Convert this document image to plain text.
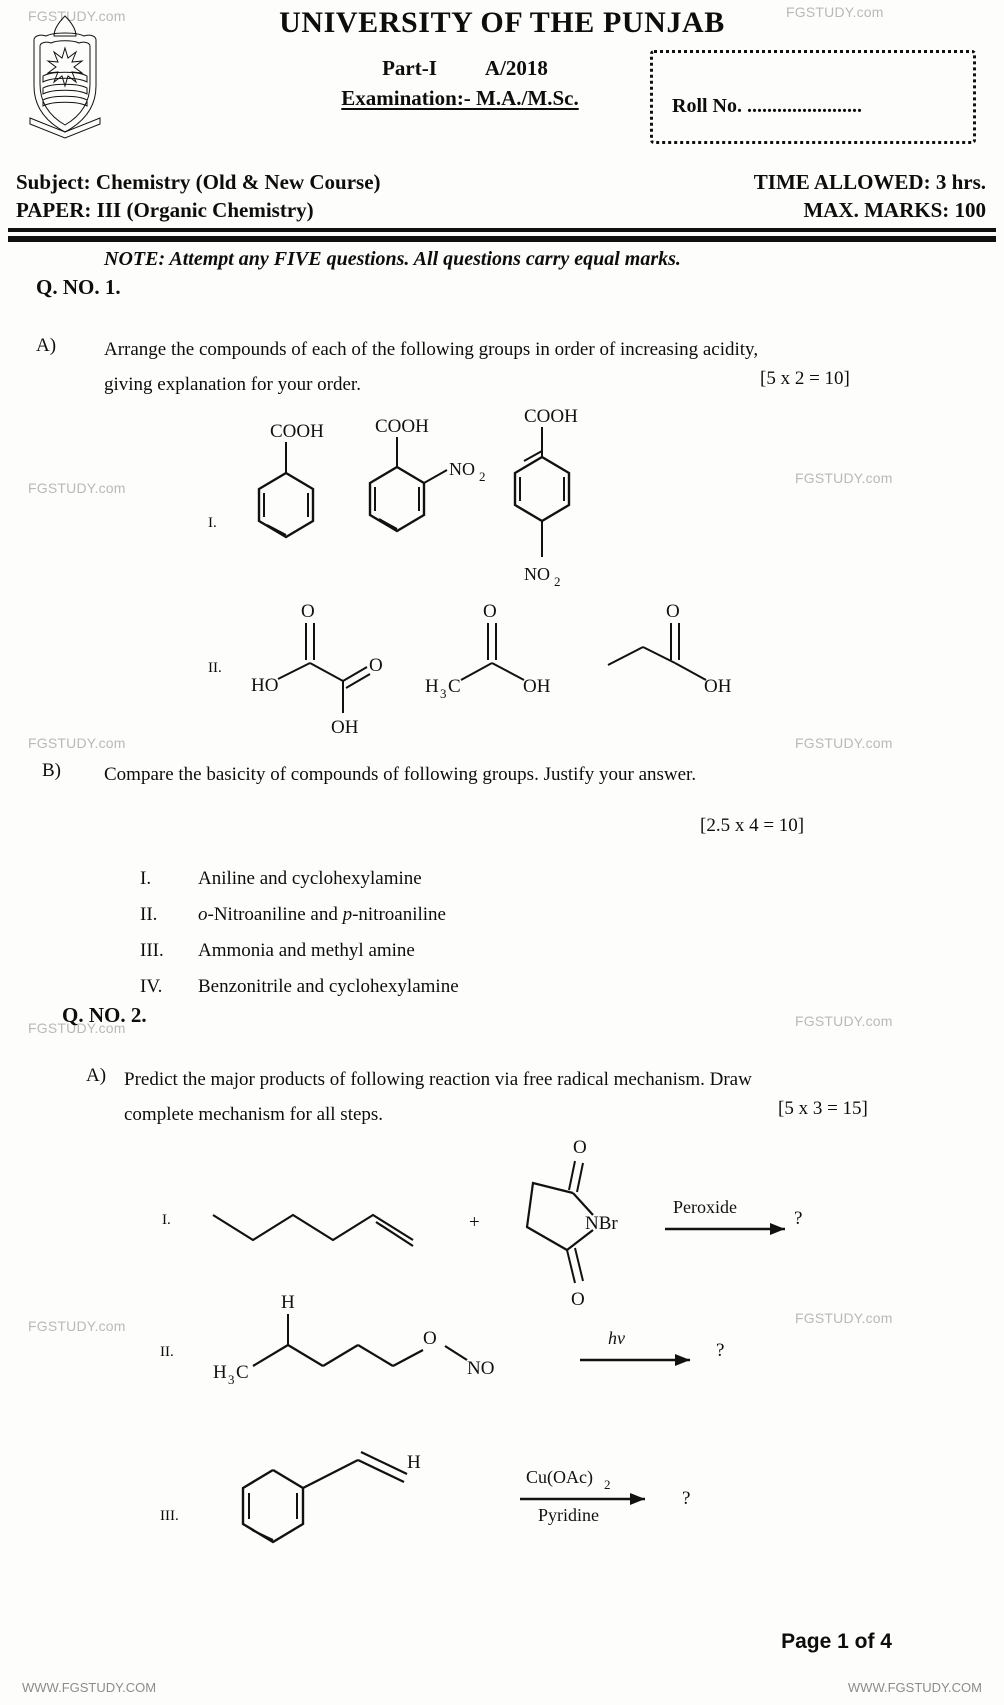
FGSTUDY.com	FGSTUDY.com
FGSTUDY.com
FGSTUDY.com
FGSTUDY.com	FGSTUDY.com
FGSTUDY.com	FGSTUDY.com
FGSTUDY.com	FGSTUDY.com
UNIVERSITY OF THE PUNJAB
Part-I A/2018
Examination:- M.A./M.Sc.	Roll No. .......................
Subject: Chemistry (Old & New Course)
PAPER: III (Organic Chemistry)
TIME ALLOWED: 3 hrs.
MAX. MARKS: 100
NOTE: Attempt any FIVE questions. All questions carry equal marks.
Q. NO. 1.
A)	Arrange the compounds of each of the following groups in order of increasing acidity,
giving explanation for your order.	[5 x 2 = 10]
I.
COOH	COOH
NO 2
COOH
NO 2
II.
O
HO
O
OH
O
H 3 C	OH
O
OH
B) Compare the basicity of compounds of following groups. Justify your answer.
[2.5 x 4 = 10]
I.	Aniline and cyclohexylamine
II.	o-Nitroaniline and p-nitroaniline
III.	Ammonia and methyl amine
IV.	Benzonitrile and cyclohexylamine
Q. NO. 2.
A) Predict the major products of following reaction via free radical mechanism. Draw
complete mechanism for all steps.	[5 x 3 = 15]
I.	+
O
NBr
O
Peroxide
?
II.
H
H 3 C
O
NO
hv
?
III.
H
Cu(OAc) 2
Pyridine
?
Page 1 of 4
WWW.FGSTUDY.COM	WWW.FGSTUDY.COM
